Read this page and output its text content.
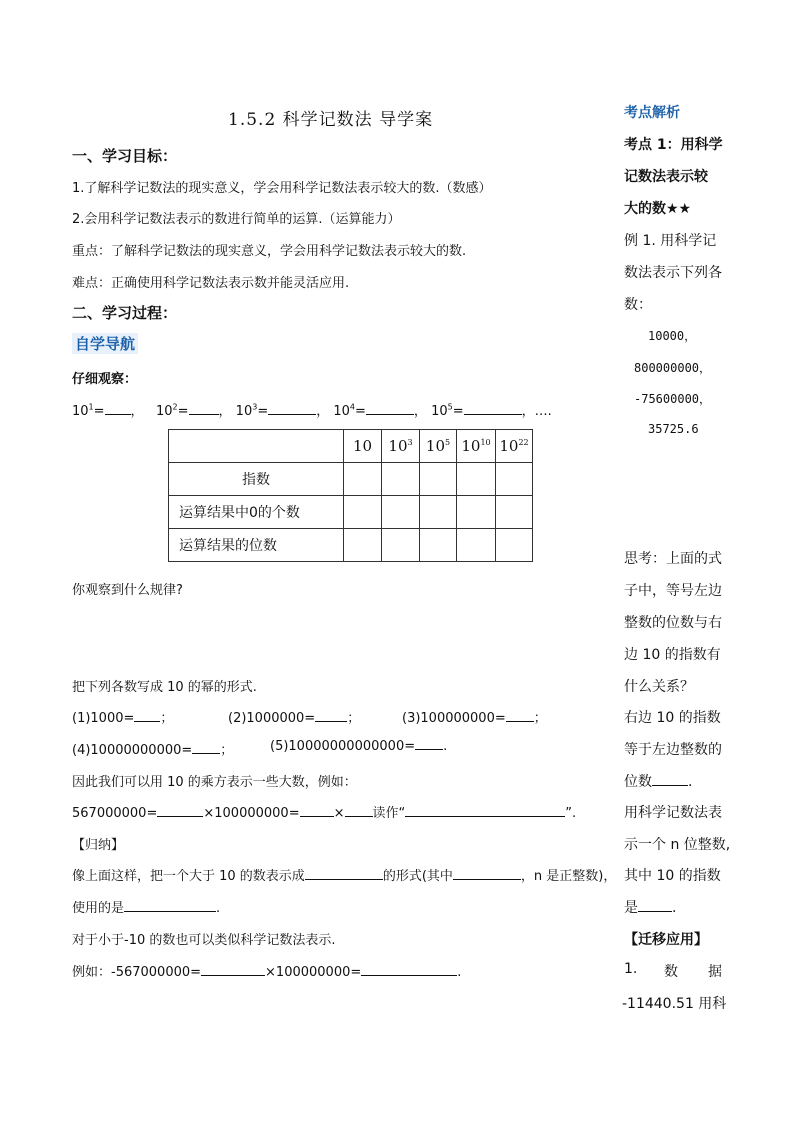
1.5.2 科学记数法 导学案
一、学习目标：
1.了解科学记数法的现实意义，学会用科学记数法表示较大的数.（数感）
2.会用科学记数法表示的数进行简单的运算.（运算能力）
重点：了解科学记数法的现实意义，学会用科学记数法表示较大的数.
难点：正确使用科学记数法表示数并能灵活应用.
二、学习过程：
自学导航
仔细观察：
$10^1=$ ， $10^2=$ ， $10^3=$	， $10^4=$	， $10^5=$	，….
	10	$10^3$	$10^5$	$10^{10}$	$10^{22}$
指数					
运算结果中0的个数					
运算结果的位数					
你观察到什么规律?
把下列各数写成 10 的幂的形式.
(1)1000= ；	(2)1000000= ；	(3)100000000= ；
(4)10000000000= ；	(5)10000000000000= .
因此我们可以用 10 的乘方表示一些大数，例如：
567000000=	×100000000=	× 读作“	”.
【归纳】
像上面这样，把一个大于 10 的数表示成	的形式(其中	，n 是正整数)，
使用的是	.
对于小于-10 的数也可以类似科学记数法表示.
例如：-567000000=	×100000000=	.
考点解析
考点 1：用科学
记数法表示较
大的数★★
例 1. 用科学记
数法表示下列各
数：
10000，
800000000，
-75600000，
35725.6
思考：上面的式
子中，等号左边
整数的位数与右
边 10 的指数有
什么关系？
右边 10 的指数
等于左边整数的
位数	.
用科学记数法表
示一个 n 位整数,
其中 10 的指数
是 .
【迁移应用】
1. 数 据
-11440.51 用科
